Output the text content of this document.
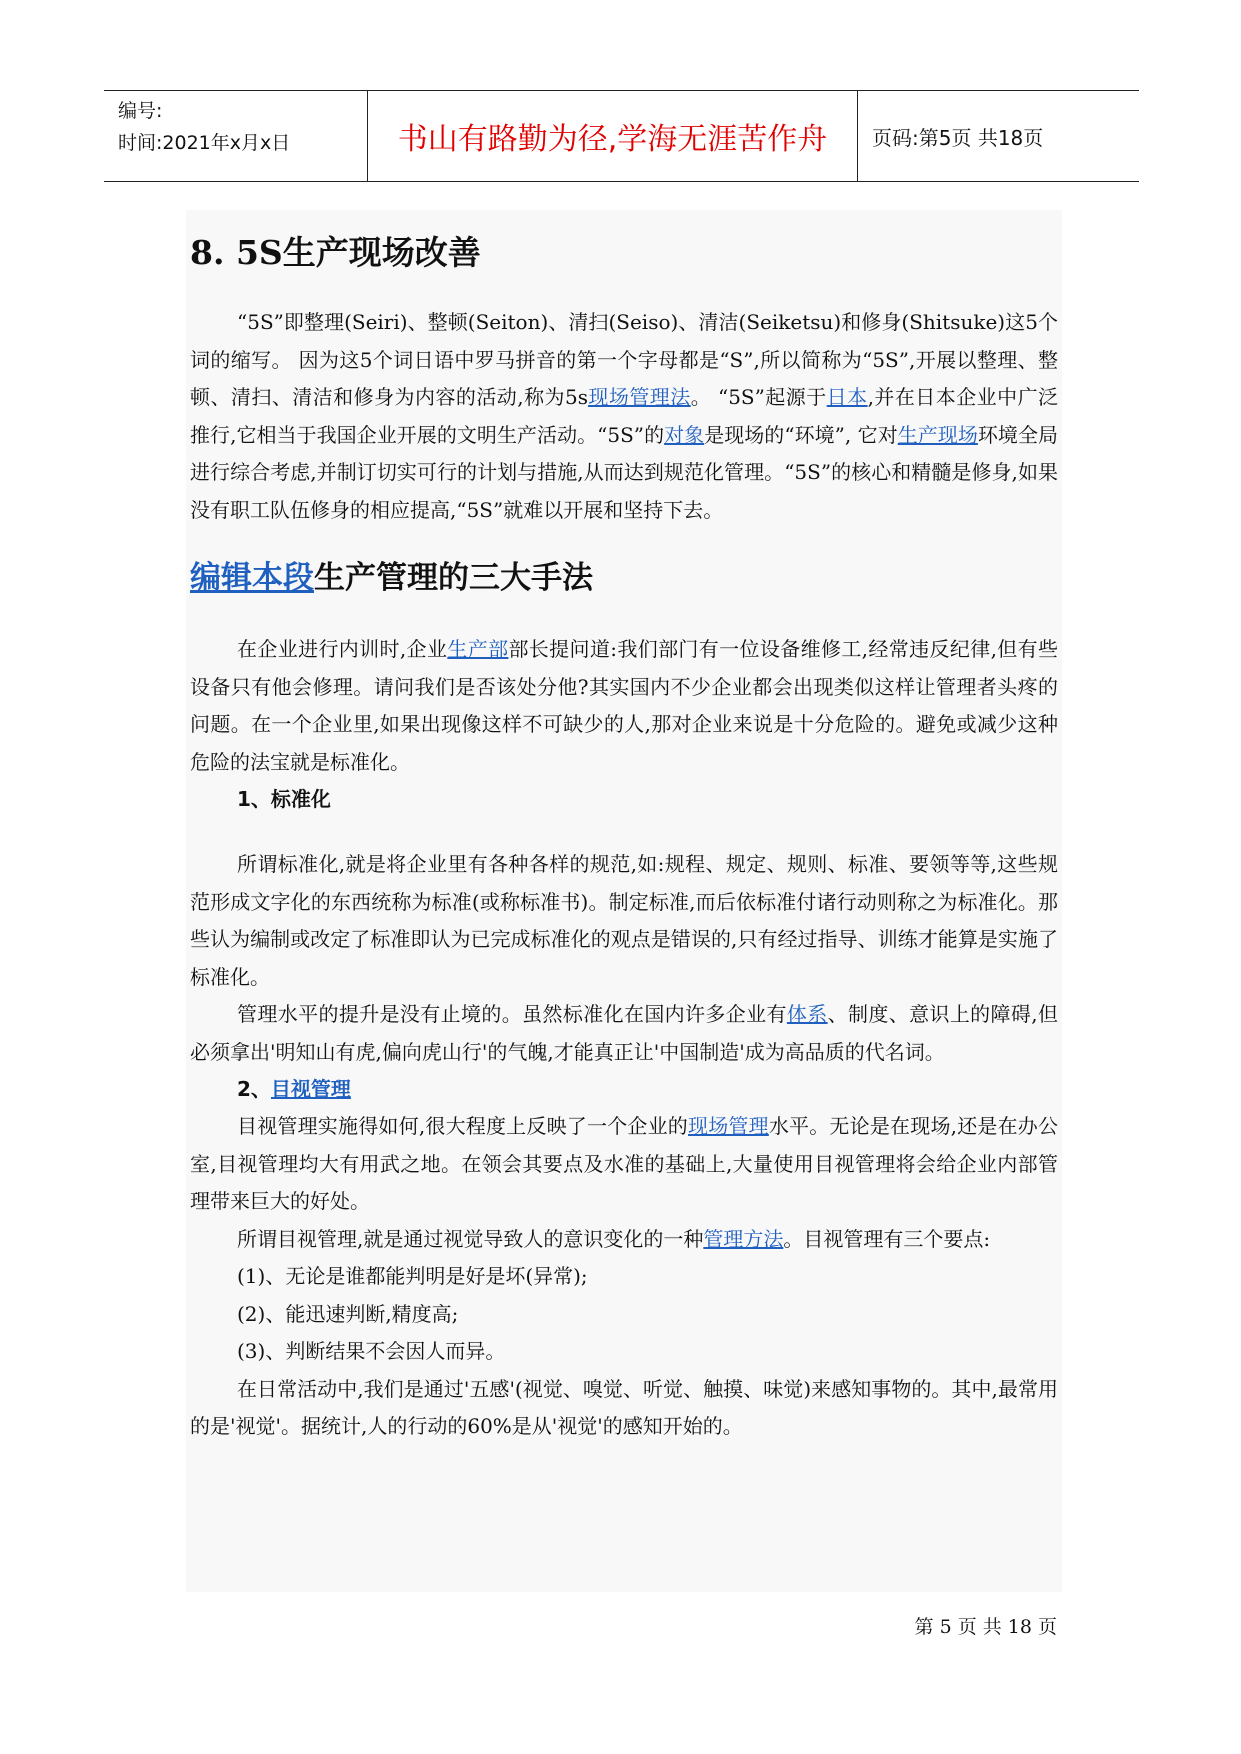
编号:
时间:2021年x月x日	书山有路勤为径,学海无涯苦作舟	页码:第5页 共18页
8. 5S生产现场改善

“5S”即整理(Seiri)、整顿(Seiton)、清扫(Seiso)、清洁(Seiketsu)和修身(Shitsuke)这5个词的缩写。 因为这5个词日语中罗马拼音的第一个字母都是“S”,所以简称为“5S”,开展以整理、整顿、清扫、清洁和修身为内容的活动,称为5s现场管理法。 “5S”起源于日本,并在日本企业中广泛推行,它相当于我国企业开展的文明生产活动。“5S”的对象是现场的“环境”, 它对生产现场环境全局进行综合考虑,并制订切实可行的计划与措施,从而达到规范化管理。“5S”的核心和精髓是修身,如果没有职工队伍修身的相应提高,“5S”就难以开展和坚持下去。

编辑本段生产管理的三大手法

在企业进行内训时,企业生产部部长提问道:我们部门有一位设备维修工,经常违反纪律,但有些设备只有他会修理。请问我们是否该处分他?其实国内不少企业都会出现类似这样让管理者头疼的问题。在一个企业里,如果出现像这样不可缺少的人,那对企业来说是十分危险的。避免或减少这种危险的法宝就是标准化。

1、标准化

所谓标准化,就是将企业里有各种各样的规范,如:规程、规定、规则、标准、要领等等,这些规范形成文字化的东西统称为标准(或称标准书)。制定标准,而后依标准付诸行动则称之为标准化。那些认为编制或改定了标准即认为已完成标准化的观点是错误的,只有经过指导、训练才能算是实施了标准化。

管理水平的提升是没有止境的。虽然标准化在国内许多企业有体系、制度、意识上的障碍,但必须拿出'明知山有虎,偏向虎山行'的气魄,才能真正让'中国制造'成为高品质的代名词。

2、目视管理

目视管理实施得如何,很大程度上反映了一个企业的现场管理水平。无论是在现场,还是在办公室,目视管理均大有用武之地。在领会其要点及水准的基础上,大量使用目视管理将会给企业内部管理带来巨大的好处。

所谓目视管理,就是通过视觉导致人的意识变化的一种管理方法。目视管理有三个要点:

(1)、无论是谁都能判明是好是坏(异常);

(2)、能迅速判断,精度高;

(3)、判断结果不会因人而异。

在日常活动中,我们是通过'五感'(视觉、嗅觉、听觉、触摸、味觉)来感知事物的。其中,最常用的是'视觉'。据统计,人的行动的60%是从'视觉'的感知开始的。

第 5 页 共 18 页
